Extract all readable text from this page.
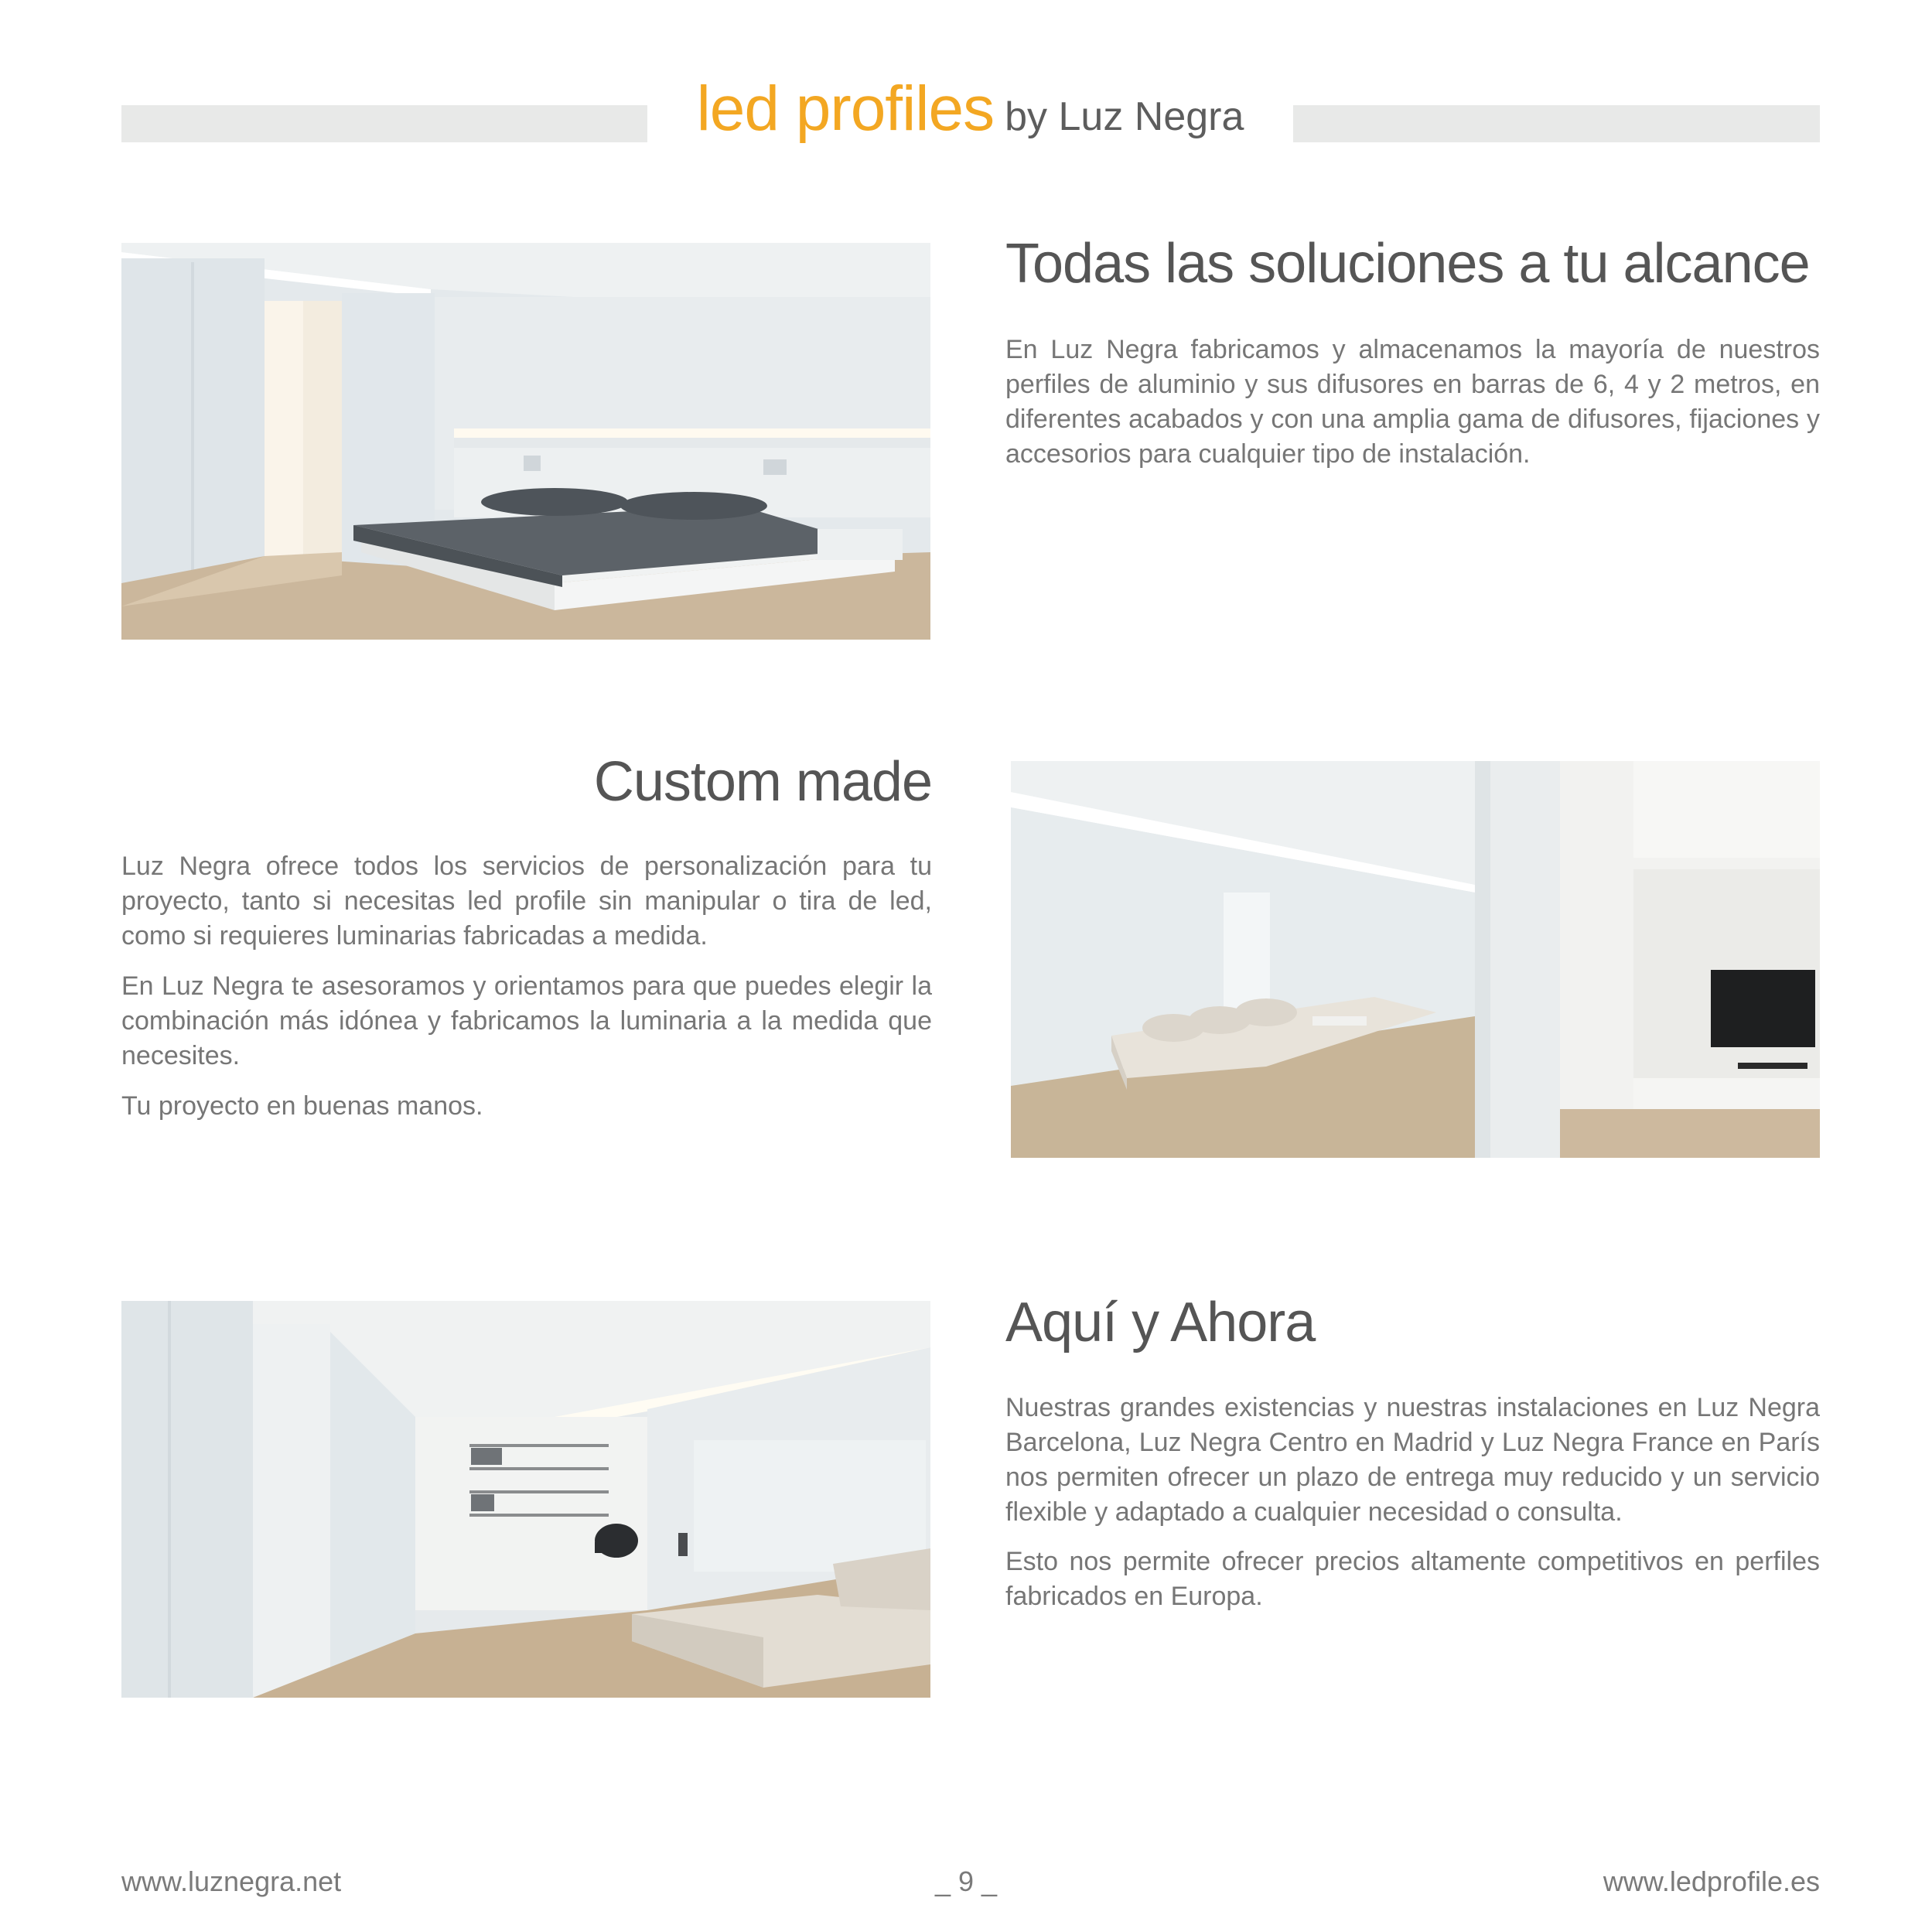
led profiles by Luz Negra
Todas las soluciones a tu alcance

En Luz Negra fabricamos y almacenamos la mayoría de nuestros perfiles de aluminio y sus difusores en barras de 6, 4 y 2 metros, en diferentes acabados y con una amplia gama de difusores, fijaciones y accesorios para cualquier tipo de instalación.

Custom made

Luz Negra ofrece todos los servicios de personalización para tu proyecto, tanto si necesitas led profile sin manipular o tira de led, como si requieres luminarias fabricadas a medida.

En Luz Negra te asesoramos y orientamos para que puedes elegir la combinación más idónea y fabricamos la luminaria a la medida que necesites.

Tu proyecto en buenas manos.

Aquí y Ahora

Nuestras grandes existencias y nuestras instalaciones en Luz Negra Barcelona, Luz Negra Centro en Madrid y Luz Negra France en París nos permiten ofrecer un plazo de entrega muy reducido y un servicio flexible y adaptado a cualquier necesidad o consulta.

Esto nos permite ofrecer precios altamente competitivos en perfiles fabricados en Europa.

www.luznegra.net	_ 9 _	www.ledprofile.es
